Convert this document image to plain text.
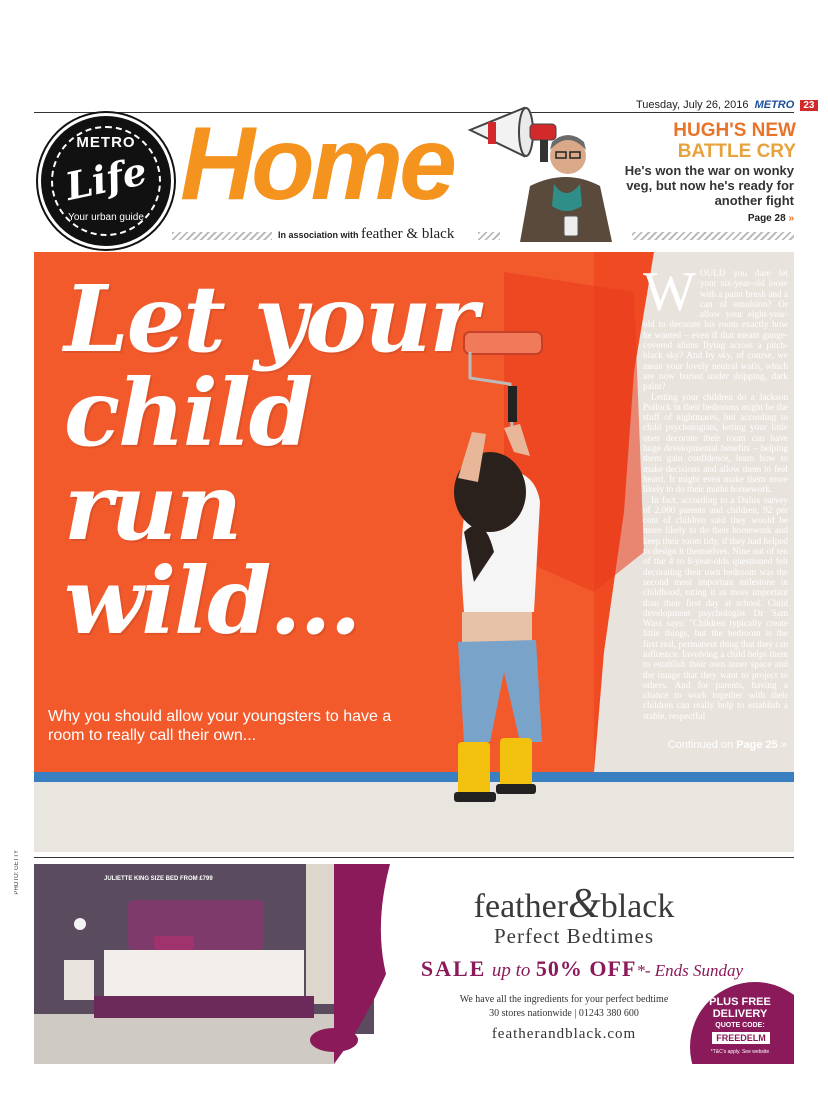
Tuesday, July 26, 2016 METRO 23
METRO
Life
Your urban guide Home
In association with feather & black
HUGH'S NEW
BATTLE CRY
He's won the war on wonky veg, but now he's ready for another fight
Page 28 »
Let your child run wild...
Why you should allow your youngsters to have a room to really call their own...

WOULD you dare let your six-year-old loose with a paint brush and a can of emulsion? Or allow your eight-year-old to decorate his room exactly how he wanted – even if that meant gunge-covered aliens flying across a pitch-black sky? And by sky, of course, we mean your lovely neutral walls, which are now buried under dripping, dark paint?

Letting your children do a Jackson Pollock in their bedrooms might be the stuff of nightmares, but according to child psychologists, letting your little ones decorate their room can have huge developmental benefits – helping them gain confidence, learn how to make decisions and allow them to feel heard. It might even make them more likely to do their maths homework.

In fact, according to a Dulux survey of 2,000 parents and children, 92 per cent of children said they would be more likely to do their homework and keep their room tidy, if they had helped to design it themselves. Nine out of ten of the 4 to 8-year-olds questioned felt decorating their own bedroom was the second most important milestone in childhood, rating it as more important than their first day at school. Child development psychologist Dr Sam Wass says: "Children typically create little things, but the bedroom is the first real, permanent thing that they can influence. Involving a child helps them to establish their own inner space and the image that they want to project to others. And for parents, having a chance to work together with their children can really help to establish a stable, respectful

Continued on Page 25 »
PHOTO: GETTY	JULIETTE KING SIZE BED FROM £799
feather&black
Perfect Bedtimes
SALE up to 50% OFF*- Ends Sunday
We have all the ingredients for your perfect bedtime
30 stores nationwide | 01243 380 600
featherandblack.com
PLUS FREE
DELIVERY
QUOTE CODE:
FREEDELM
*T&C's apply. See website
